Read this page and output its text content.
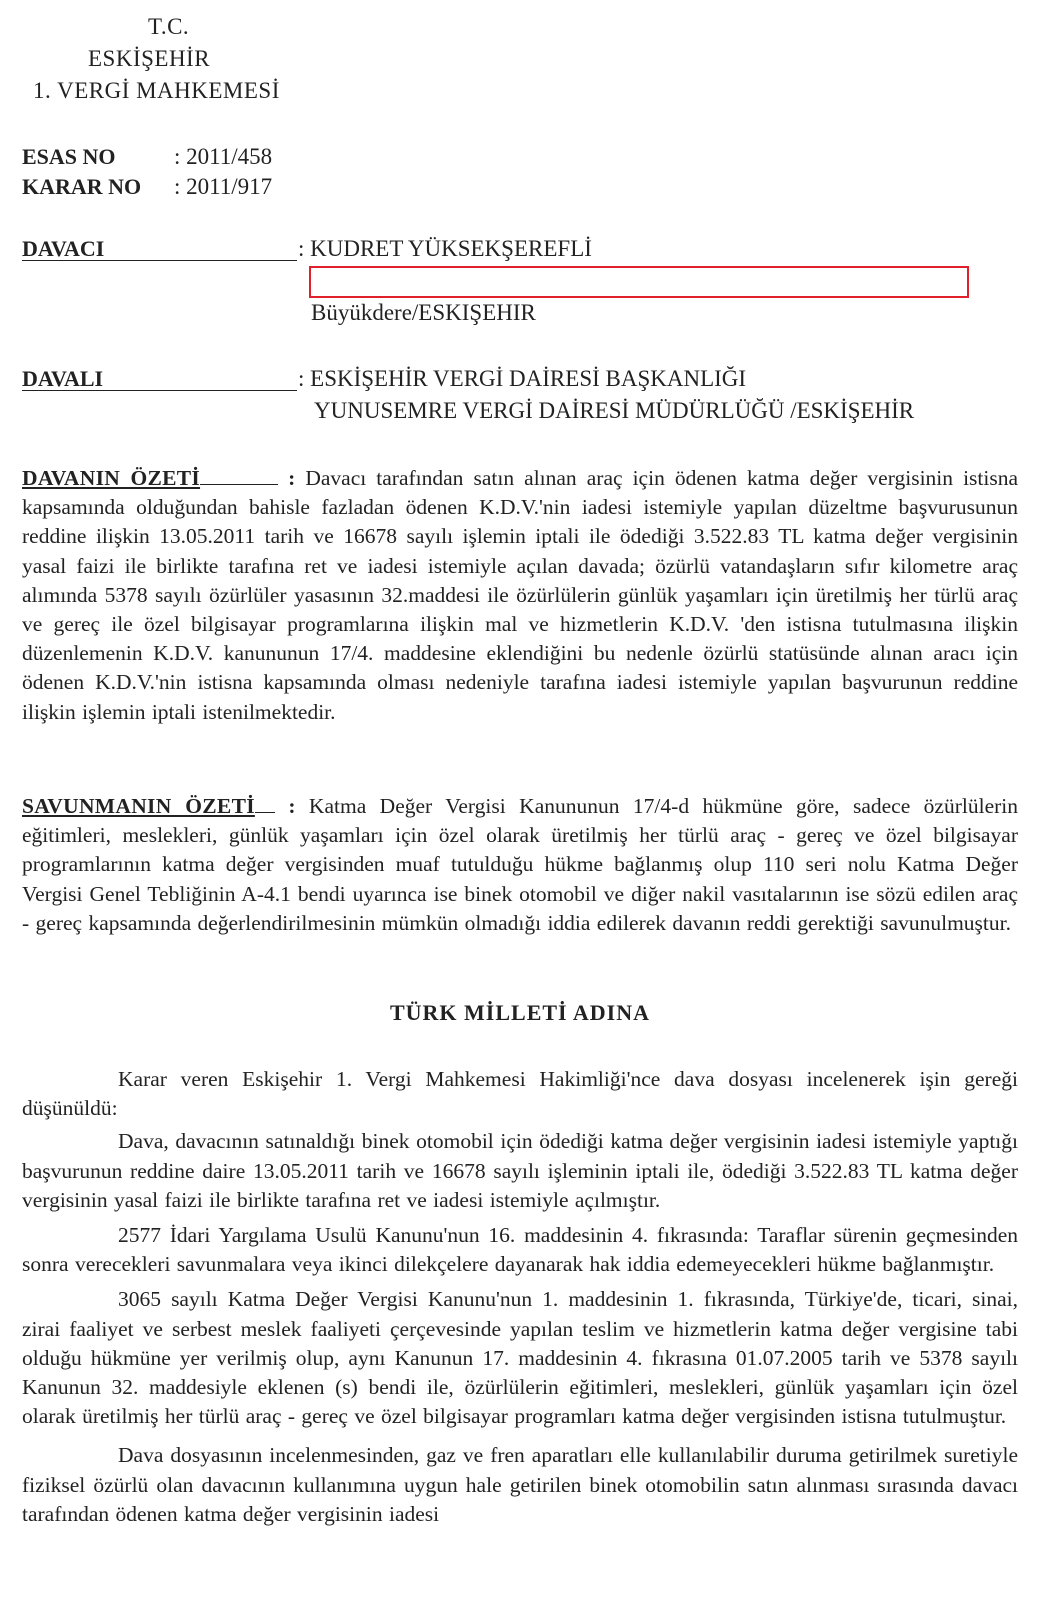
T.C.
ESKİŞEHİR
1. VERGİ MAHKEMESİ
ESAS NO	: 2011/458
KARAR NO : 2011/917
DAVACI	: KUDRET YÜKSEKŞEREFLİ
Büyükdere/ESKIŞEHIR
DAVALI	: ESKİŞEHİR VERGİ DAİRESİ BAŞKANLIĞI
YUNUSEMRE VERGİ DAİRESİ MÜDÜRLÜĞÜ /ESKİŞEHİR

DAVANIN ÖZETİ	: Davacı tarafından satın alınan araç için ödenen katma değer vergisinin istisna kapsamında olduğundan bahisle fazladan ödenen K.D.V.'nin iadesi istemiyle yapılan düzeltme başvurusunun reddine ilişkin 13.05.2011 tarih ve 16678 sayılı işlemin iptali ile ödediği 3.522.83 TL katma değer vergisinin yasal faizi ile birlikte tarafına ret ve iadesi istemiyle açılan davada; özürlü vatandaşların sıfır kilometre araç alımında 5378 sayılı özürlüler yasasının 32.maddesi ile özürlülerin günlük yaşamları için üretilmiş her türlü araç ve gereç ile özel bilgisayar programlarına ilişkin mal ve hizmetlerin K.D.V. 'den istisna tutulmasına ilişkin düzenlemenin K.D.V. kanununun 17/4. maddesine eklendiğini bu nedenle özürlü statüsünde alınan aracı için ödenen K.D.V.'nin istisna kapsamında olması nedeniyle tarafına iadesi istemiyle yapılan başvurunun reddine ilişkin işlemin iptali istenilmektedir.

SAVUNMANIN ÖZETİ : Katma Değer Vergisi Kanununun 17/4-d hükmüne göre, sadece özürlülerin eğitimleri, meslekleri, günlük yaşamları için özel olarak üretilmiş her türlü araç - gereç ve özel bilgisayar programlarının katma değer vergisinden muaf tutulduğu hükme bağlanmış olup 110 seri nolu Katma Değer Vergisi Genel Tebliğinin A-4.1 bendi uyarınca ise binek otomobil ve diğer nakil vasıtalarının ise sözü edilen araç - gereç kapsamında değerlendirilmesinin mümkün olmadığı iddia edilerek davanın reddi gerektiği savunulmuştur.

TÜRK MİLLETİ ADINA

Karar veren Eskişehir 1. Vergi Mahkemesi Hakimliği'nce dava dosyası incelenerek işin gereği düşünüldü:

Dava, davacının satınaldığı binek otomobil için ödediği katma değer vergisinin iadesi istemiyle yaptığı başvurunun reddine daire 13.05.2011 tarih ve 16678 sayılı işleminin iptali ile, ödediği 3.522.83 TL katma değer vergisinin yasal faizi ile birlikte tarafına ret ve iadesi istemiyle açılmıştır.

2577 İdari Yargılama Usulü Kanunu'nun 16. maddesinin 4. fıkrasında: Taraflar sürenin geçmesinden sonra verecekleri savunmalara veya ikinci dilekçelere dayanarak hak iddia edemeyecekleri hükme bağlanmıştır.

3065 sayılı Katma Değer Vergisi Kanunu'nun 1. maddesinin 1. fıkrasında, Türkiye'de, ticari, sinai, zirai faaliyet ve serbest meslek faaliyeti çerçevesinde yapılan teslim ve hizmetlerin katma değer vergisine tabi olduğu hükmüne yer verilmiş olup, aynı Kanunun 17. maddesinin 4. fıkrasına 01.07.2005 tarih ve 5378 sayılı Kanunun 32. maddesiyle eklenen (s) bendi ile, özürlülerin eğitimleri, meslekleri, günlük yaşamları için özel olarak üretilmiş her türlü araç - gereç ve özel bilgisayar programları katma değer vergisinden istisna tutulmuştur.

Dava dosyasının incelenmesinden, gaz ve fren aparatları elle kullanılabilir duruma getirilmek suretiyle fiziksel özürlü olan davacının kullanımına uygun hale getirilen binek otomobilin satın alınması sırasında davacı tarafından ödenen katma değer vergisinin iadesi
